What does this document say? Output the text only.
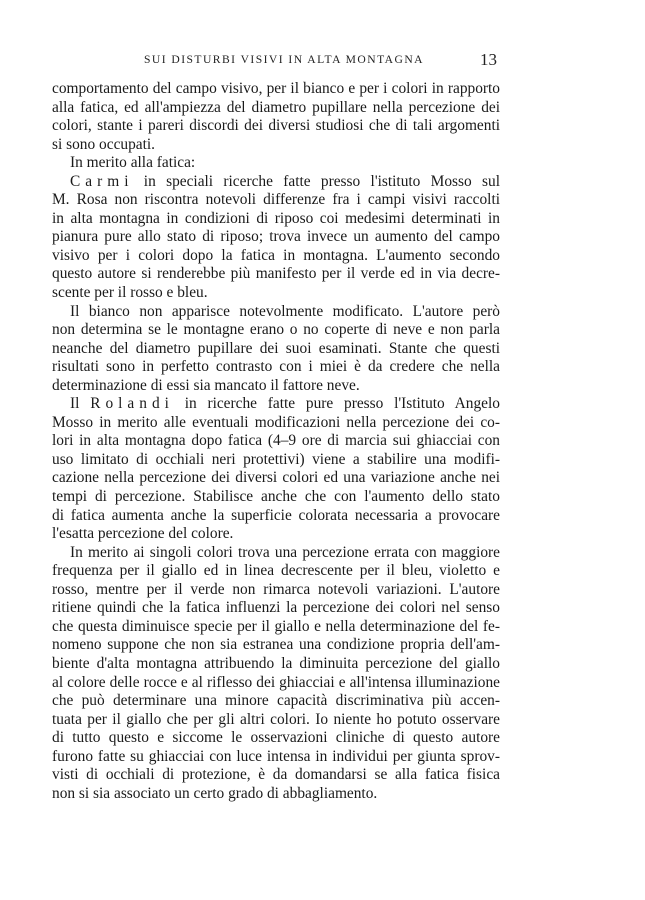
SUI DISTURBI VISIVI IN ALTA MONTAGNA	13
comportamento del campo visivo, per il bianco e per i colori in rapporto
alla fatica, ed all'ampiezza del diametro pupillare nella percezione dei
colori, stante i pareri discordi dei diversi studiosi che di tali argomenti
si sono occupati.
In merito alla fatica:
Carmi in speciali ricerche fatte presso l'istituto Mosso sul
M. Rosa non riscontra notevoli differenze fra i campi visivi raccolti
in alta montagna in condizioni di riposo coi medesimi determinati in
pianura pure allo stato di riposo; trova invece un aumento del campo
visivo per i colori dopo la fatica in montagna. L'aumento secondo
questo autore si renderebbe più manifesto per il verde ed in via decre-
scente per il rosso e bleu.
Il bianco non apparisce notevolmente modificato. L'autore però
non determina se le montagne erano o no coperte di neve e non parla
neanche del diametro pupillare dei suoi esaminati. Stante che questi
risultati sono in perfetto contrasto con i miei è da credere che nella
determinazione di essi sia mancato il fattore neve.
Il Rolandi in ricerche fatte pure presso l'Istituto Angelo
Mosso in merito alle eventuali modificazioni nella percezione dei co-
lori in alta montagna dopo fatica (4–9 ore di marcia sui ghiacciai con
uso limitato di occhiali neri protettivi) viene a stabilire una modifi-
cazione nella percezione dei diversi colori ed una variazione anche nei
tempi di percezione. Stabilisce anche che con l'aumento dello stato
di fatica aumenta anche la superficie colorata necessaria a provocare
l'esatta percezione del colore.
In merito ai singoli colori trova una percezione errata con maggiore
frequenza per il giallo ed in linea decrescente per il bleu, violetto e
rosso, mentre per il verde non rimarca notevoli variazioni. L'autore
ritiene quindi che la fatica influenzi la percezione dei colori nel senso
che questa diminuisce specie per il giallo e nella determinazione del fe-
nomeno suppone che non sia estranea una condizione propria dell'am-
biente d'alta montagna attribuendo la diminuita percezione del giallo
al colore delle rocce e al riflesso dei ghiacciai e all'intensa illuminazione
che può determinare una minore capacità discriminativa più accen-
tuata per il giallo che per gli altri colori. Io niente ho potuto osservare
di tutto questo e siccome le osservazioni cliniche di questo autore
furono fatte su ghiacciai con luce intensa in individui per giunta sprov-
visti di occhiali di protezione, è da domandarsi se alla fatica fisica
non si sia associato un certo grado di abbagliamento.
